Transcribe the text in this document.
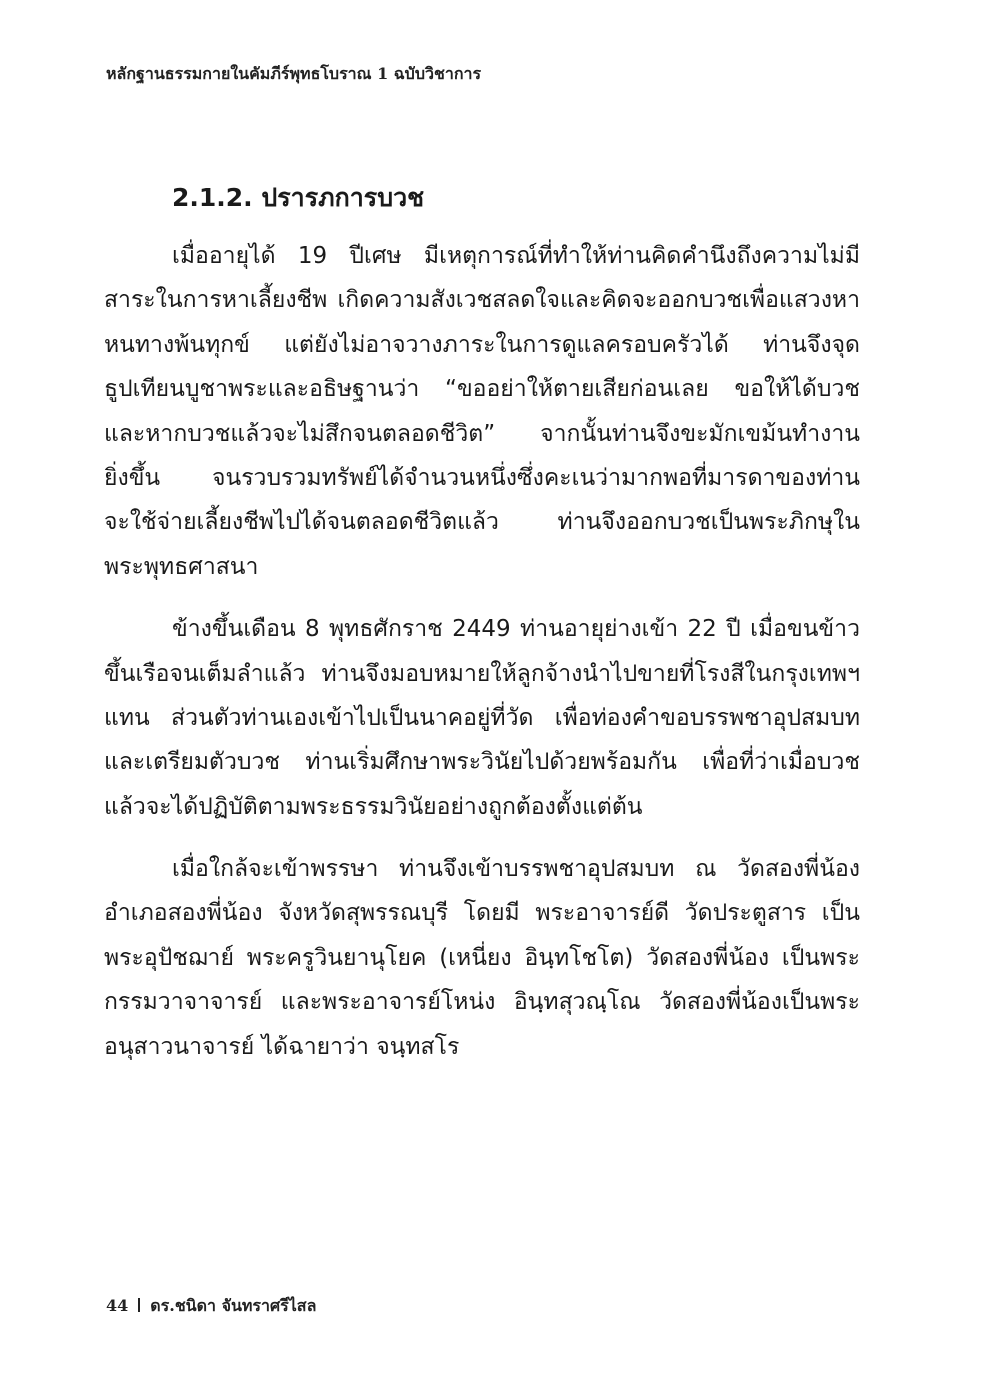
หลักฐานธรรมกายในคัมภีร์พุทธโบราณ 1 ฉบับวิชาการ
2.1.2. ปรารภการบวช
เมื่ออายุได้ 19 ปีเศษ มีเหตุการณ์ที่ทำให้ท่านคิดคำนึงถึงความไม่มี
สาระในการหาเลี้ยงชีพ เกิดความสังเวชสลดใจและคิดจะออกบวชเพื่อแสวงหา
หนทางพ้นทุกข์ แต่ยังไม่อาจวางภาระในการดูแลครอบครัวได้ ท่านจึงจุด
ธูปเทียนบูชาพระและอธิษฐานว่า “ขออย่าให้ตายเสียก่อนเลย ขอให้ได้บวช
และหากบวชแล้วจะไม่สึกจนตลอดชีวิต” จากนั้นท่านจึงขะมักเขม้นทำงาน
ยิ่งขึ้น จนรวบรวมทรัพย์ได้จำนวนหนึ่งซึ่งคะเนว่ามากพอที่มารดาของท่าน
จะใช้จ่ายเลี้ยงชีพไปได้จนตลอดชีวิตแล้ว ท่านจึงออกบวชเป็นพระภิกษุใน
พระพุทธศาสนา
ข้างขึ้นเดือน 8 พุทธศักราช 2449 ท่านอายุย่างเข้า 22 ปี เมื่อขนข้าว
ขึ้นเรือจนเต็มลำแล้ว ท่านจึงมอบหมายให้ลูกจ้างนำไปขายที่โรงสีในกรุงเทพฯ
แทน ส่วนตัวท่านเองเข้าไปเป็นนาคอยู่ที่วัด เพื่อท่องคำขอบรรพชาอุปสมบท
และเตรียมตัวบวช ท่านเริ่มศึกษาพระวินัยไปด้วยพร้อมกัน เพื่อที่ว่าเมื่อบวช
แล้วจะได้ปฏิบัติตามพระธรรมวินัยอย่างถูกต้องตั้งแต่ต้น
เมื่อใกล้จะเข้าพรรษา ท่านจึงเข้าบรรพชาอุปสมบท ณ วัดสองพี่น้อง
อำเภอสองพี่น้อง จังหวัดสุพรรณบุรี โดยมี พระอาจารย์ดี วัดประตูสาร เป็น
พระอุปัชฌาย์ พระครูวินยานุโยค (เหนี่ยง อินฺทโชโต) วัดสองพี่น้อง เป็นพระ
กรรมวาจาจารย์ และพระอาจารย์โหน่ง อินฺทสุวณฺโณ วัดสองพี่น้องเป็นพระ
อนุสาวนาจารย์ ได้ฉายาว่า จนฺทสโร
44 ดร.ชนิดา จันทราศรีไสล
